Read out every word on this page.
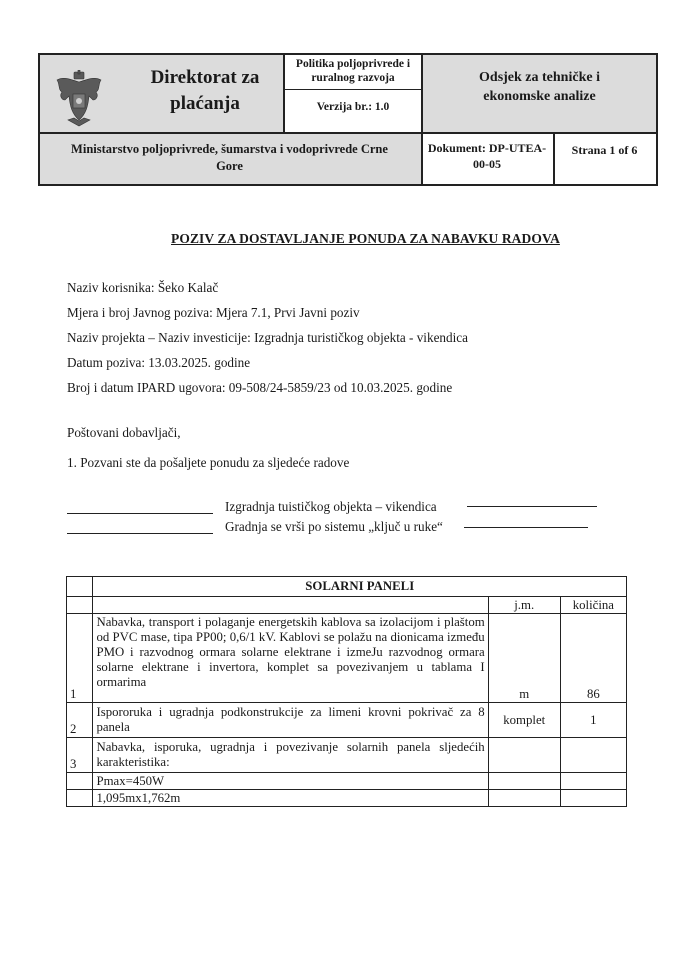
Direktorat za
plaćanja
Politika poljoprivrede i
ruralnog razvoja
Verzija br.: 1.0
Odsjek za tehničke i
ekonomske analize
Ministarstvo poljoprivrede, šumarstva i vodoprivrede Crne
Gore
Dokument: DP-UTEA-
00-05
Strana 1 of 6
POZIV ZA DOSTAVLJANJE PONUDA ZA NABAVKU RADOVA
Naziv korisnika: Šeko Kalač
Mjera i broj Javnog poziva: Mjera 7.1, Prvi Javni poziv
Naziv projekta – Naziv investicije: Izgradnja turističkog objekta - vikendica
Datum poziva: 13.03.2025. godine
Broj i datum IPARD ugovora: 09-508/24-5859/23 od 10.03.2025. godine
Poštovani dobavljači,
1. Pozvani ste da pošaljete ponudu za sljedeće radove
Izgradnja tuističkog objekta – vikendica
Gradnja se vrši po sistemu „ključ u ruke“
	SOLARNI PANELI		
		j.m.	količina
1	Nabavka, transport i polaganje energetskih kablova sa izolacijom i plaštom od PVC mase, tipa PP00; 0,6/1 kV. Kablovi se polažu na dionicama između PMO i razvodnog ormara solarne elektrane i izmeJu razvodnog ormara solarne elektrane i invertora, komplet sa povezivanjem u tablama I ormarima	m	86
2	Ispororuka i ugradnja podkonstrukcije za limeni krovni pokrivač za 8 panela	komplet	1
3	Nabavka, isporuka, ugradnja i povezivanje solarnih panela sljedećih karakteristika:		
	Pmax=450W		
	1,095mx1,762m		
